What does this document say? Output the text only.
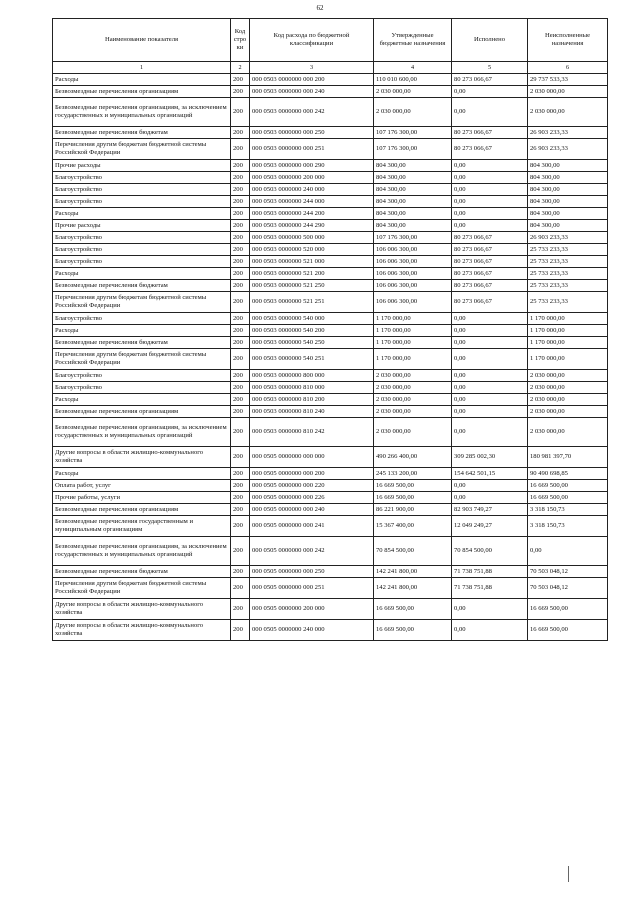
62
Наименование показателя	Код стро ки	Код расхода по бюджетной классификации	Утвержденные бюджетные назначения	Исполнено	Неисполненные назначения
1	2	3	4	5	6
Расходы	200	000 0503 0000000 000 200	110 010 600,00	80 273 066,67	29 737 533,33
Безвозмездные перечисления организациям	200	000 0503 0000000 000 240	2 030 000,00	0,00	2 030 000,00
Безвозмездные перечисления организациям, за исключением государственных и муниципальных организаций	200	000 0503 0000000 000 242	2 030 000,00	0,00	2 030 000,00
Безвозмездные перечисления бюджетам	200	000 0503 0000000 000 250	107 176 300,00	80 273 066,67	26 903 233,33
Перечисления другим бюджетам бюджетной системы Российской Федерации	200	000 0503 0000000 000 251	107 176 300,00	80 273 066,67	26 903 233,33
Прочие расходы	200	000 0503 0000000 000 290	804 300,00	0,00	804 300,00
Благоустройство	200	000 0503 0000000 200 000	804 300,00	0,00	804 300,00
Благоустройство	200	000 0503 0000000 240 000	804 300,00	0,00	804 300,00
Благоустройство	200	000 0503 0000000 244 000	804 300,00	0,00	804 300,00
Расходы	200	000 0503 0000000 244 200	804 300,00	0,00	804 300,00
Прочие расходы	200	000 0503 0000000 244 290	804 300,00	0,00	804 300,00
Благоустройство	200	000 0503 0000000 500 000	107 176 300,00	80 273 066,67	26 903 233,33
Благоустройство	200	000 0503 0000000 520 000	106 006 300,00	80 273 066,67	25 733 233,33
Благоустройство	200	000 0503 0000000 521 000	106 006 300,00	80 273 066,67	25 733 233,33
Расходы	200	000 0503 0000000 521 200	106 006 300,00	80 273 066,67	25 733 233,33
Безвозмездные перечисления бюджетам	200	000 0503 0000000 521 250	106 006 300,00	80 273 066,67	25 733 233,33
Перечисления другим бюджетам бюджетной системы Российской Федерации	200	000 0503 0000000 521 251	106 006 300,00	80 273 066,67	25 733 233,33
Благоустройство	200	000 0503 0000000 540 000	1 170 000,00	0,00	1 170 000,00
Расходы	200	000 0503 0000000 540 200	1 170 000,00	0,00	1 170 000,00
Безвозмездные перечисления бюджетам	200	000 0503 0000000 540 250	1 170 000,00	0,00	1 170 000,00
Перечисления другим бюджетам бюджетной системы Российской Федерации	200	000 0503 0000000 540 251	1 170 000,00	0,00	1 170 000,00
Благоустройство	200	000 0503 0000000 800 000	2 030 000,00	0,00	2 030 000,00
Благоустройство	200	000 0503 0000000 810 000	2 030 000,00	0,00	2 030 000,00
Расходы	200	000 0503 0000000 810 200	2 030 000,00	0,00	2 030 000,00
Безвозмездные перечисления организациям	200	000 0503 0000000 810 240	2 030 000,00	0,00	2 030 000,00
Безвозмездные перечисления организациям, за исключением государственных и муниципальных организаций	200	000 0503 0000000 810 242	2 030 000,00	0,00	2 030 000,00
Другие вопросы в области жилищно-коммунального хозяйства	200	000 0505 0000000 000 000	490 266 400,00	309 285 002,30	180 981 397,70
Расходы	200	000 0505 0000000 000 200	245 133 200,00	154 642 501,15	90 490 698,85
Оплата работ, услуг	200	000 0505 0000000 000 220	16 669 500,00	0,00	16 669 500,00
Прочие работы, услуги	200	000 0505 0000000 000 226	16 669 500,00	0,00	16 669 500,00
Безвозмездные перечисления организациям	200	000 0505 0000000 000 240	86 221 900,00	82 903 749,27	3 318 150,73
Безвозмездные перечисления государственным и муниципальным организациям	200	000 0505 0000000 000 241	15 367 400,00	12 049 249,27	3 318 150,73
Безвозмездные перечисления организациям, за исключением государственных и муниципальных организаций	200	000 0505 0000000 000 242	70 854 500,00	70 854 500,00	0,00
Безвозмездные перечисления бюджетам	200	000 0505 0000000 000 250	142 241 800,00	71 738 751,88	70 503 048,12
Перечисления другим бюджетам бюджетной системы Российской Федерации	200	000 0505 0000000 000 251	142 241 800,00	71 738 751,88	70 503 048,12
Другие вопросы в области жилищно-коммунального хозяйства	200	000 0505 0000000 200 000	16 669 500,00	0,00	16 669 500,00
Другие вопросы в области жилищно-коммунального хозяйства	200	000 0505 0000000 240 000	16 669 500,00	0,00	16 669 500,00
